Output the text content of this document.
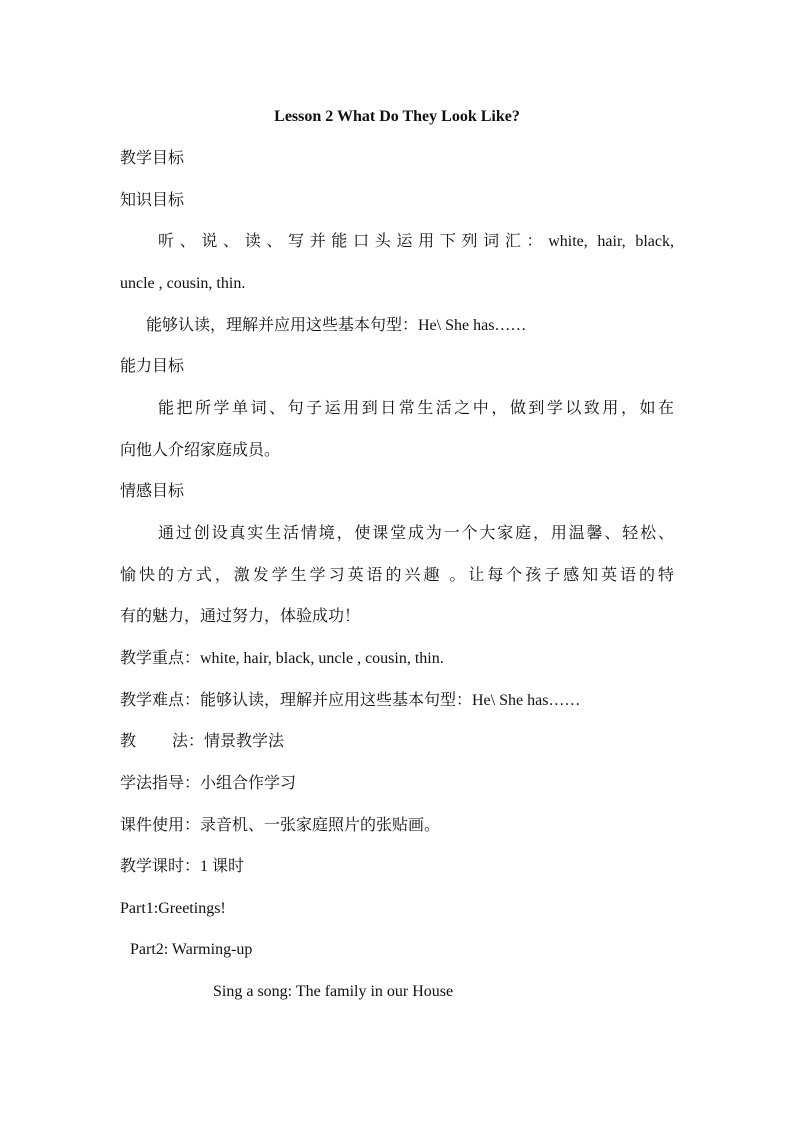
Lesson 2 What Do They Look Like?
教学目标
知识目标
听、说、读、写并能口头运用下列词汇：white, hair, black,
uncle , cousin, thin.
能够认读，理解并应用这些基本句型：He\ She has……
能力目标
能把所学单词、句子运用到日常生活之中，做到学以致用，如在
向他人介绍家庭成员。
情感目标
通过创设真实生活情境，使课堂成为一个大家庭，用温馨、轻松、
愉快的方式，激发学生学习英语的兴趣 。让每个孩子感知英语的特
有的魅力，通过努力，体验成功！
教学重点：white, hair, black, uncle , cousin, thin.
教学难点：能够认读，理解并应用这些基本句型：He\ She has……
教 法：情景教学法
学法指导：小组合作学习
课件使用：录音机、一张家庭照片的张贴画。
教学课时：1 课时
Part1:Greetings!
Part2: Warming-up
Sing a song: The family in our House
